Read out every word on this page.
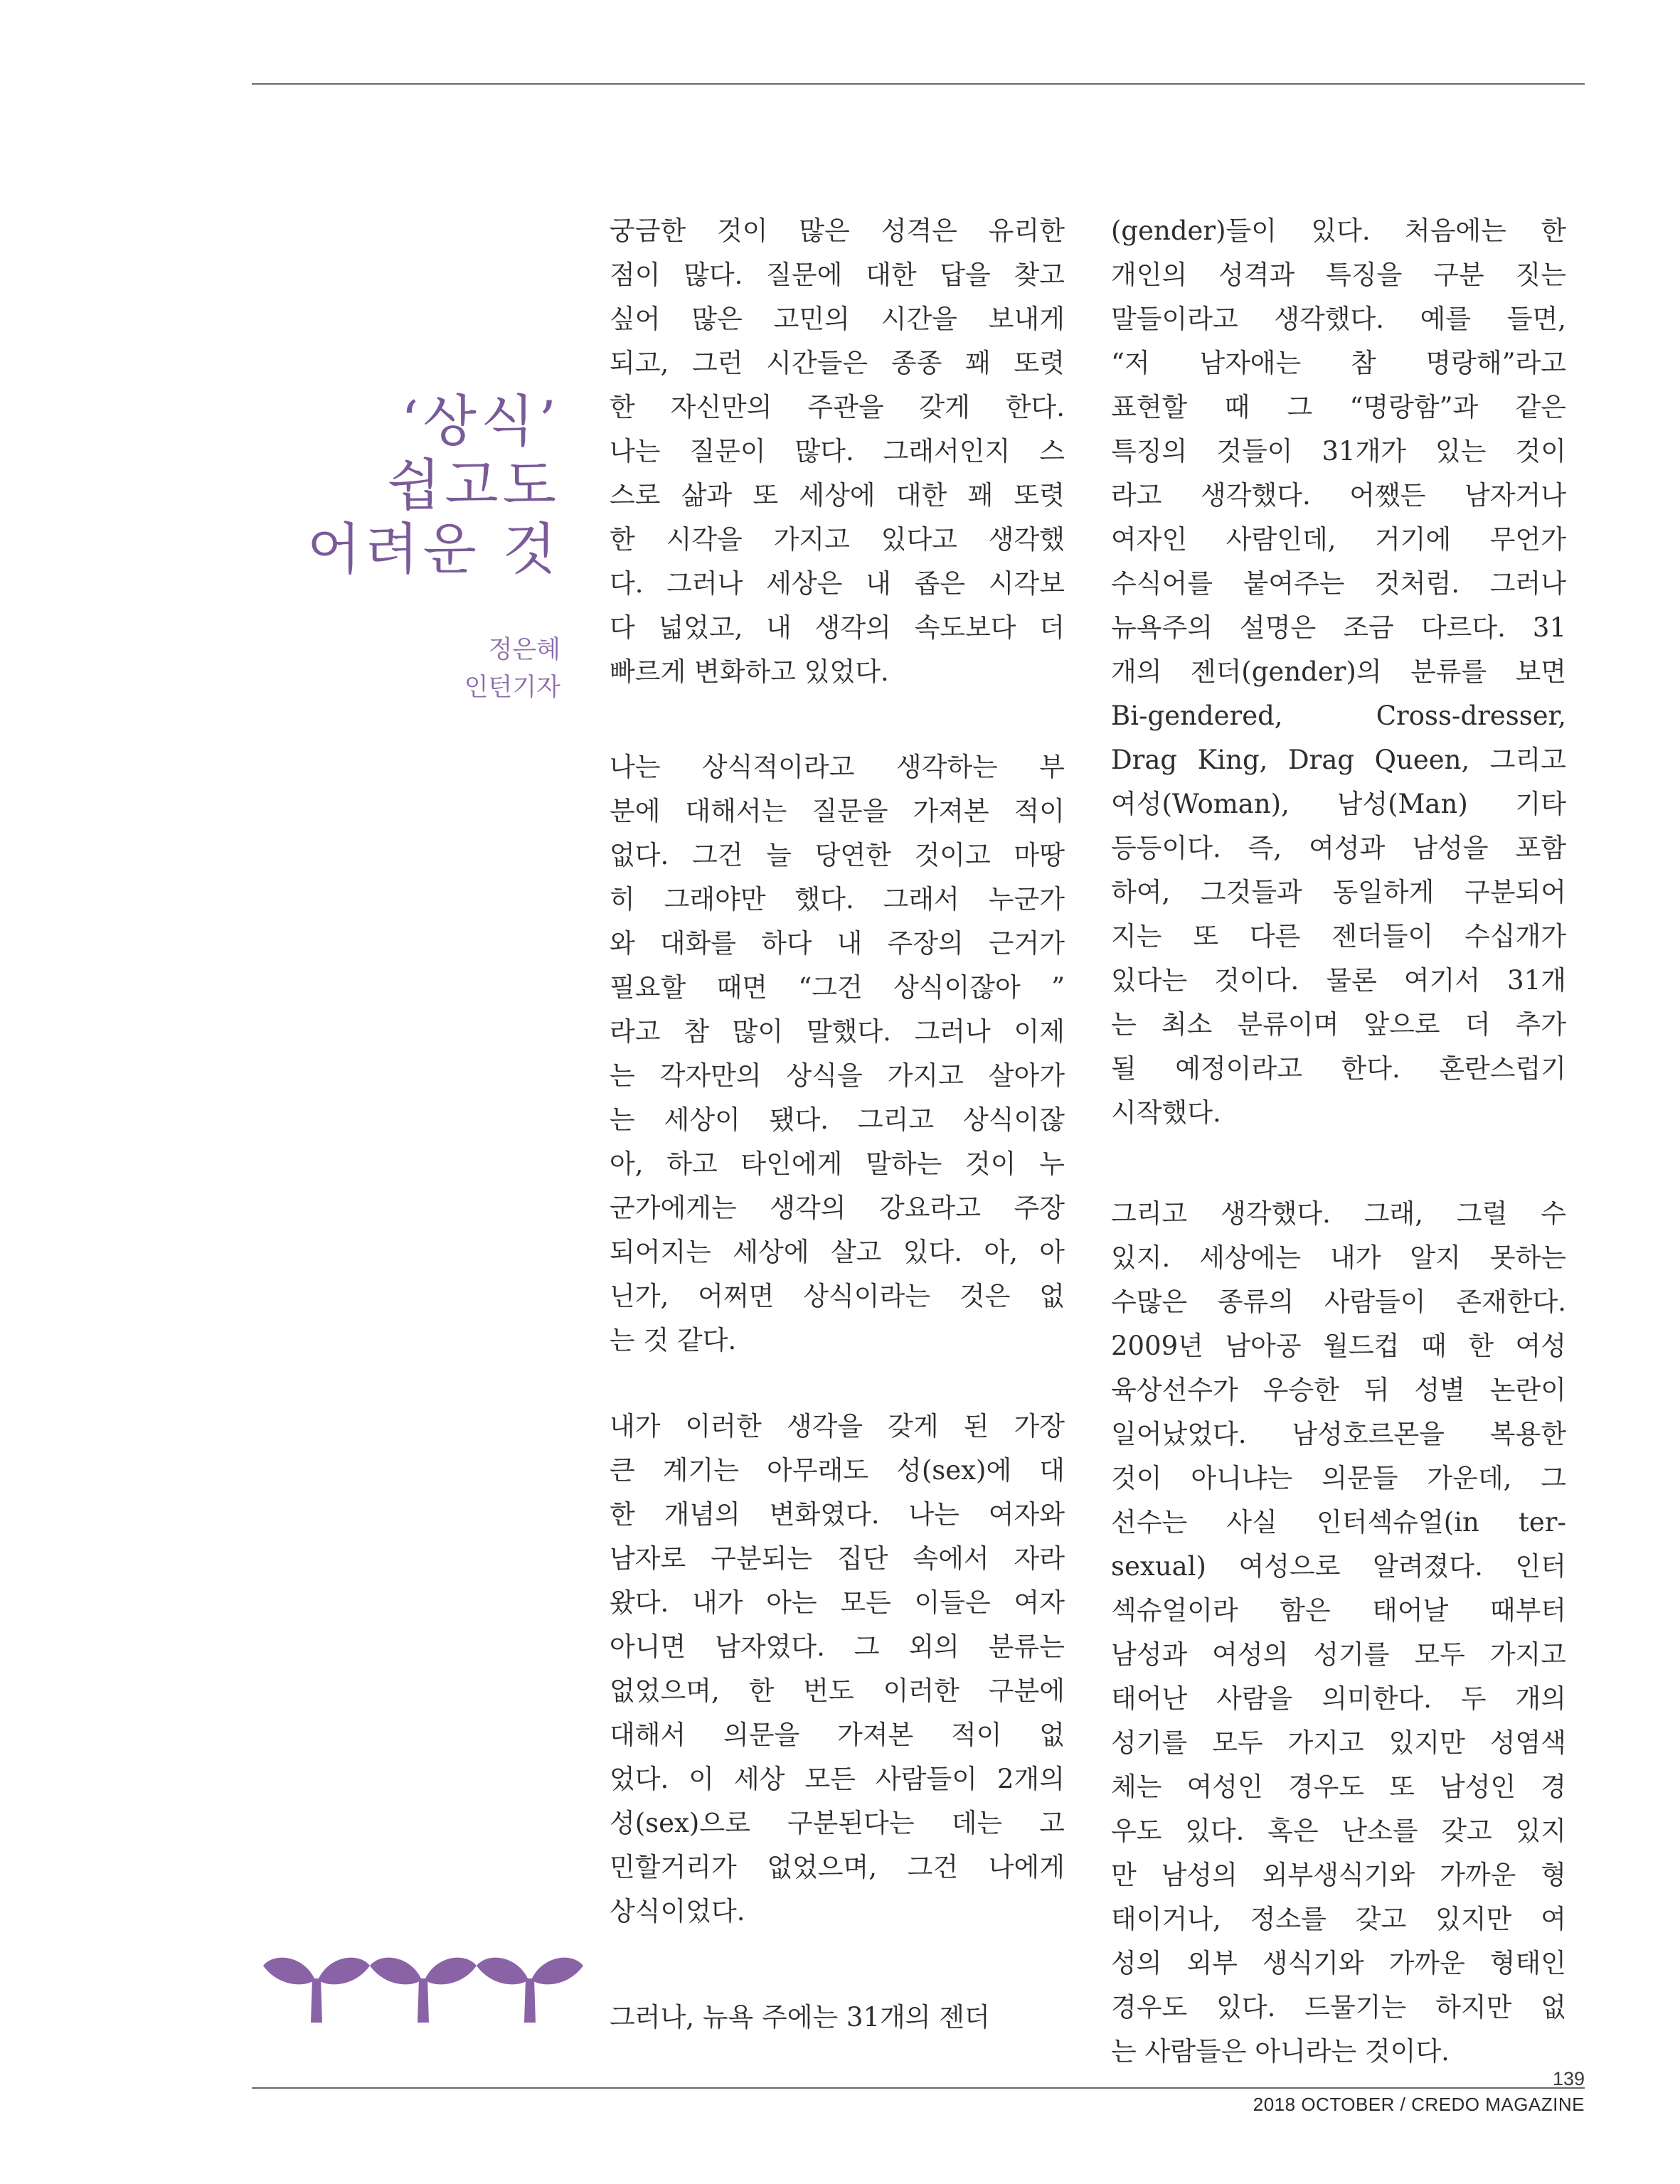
‘상식’
쉽고도
어려운 것
정은혜
인턴기자
궁금한 것이 많은 성격은 유리한
점이 많다. 질문에 대한 답을 찾고
싶어 많은 고민의 시간을 보내게
되고, 그런 시간들은 종종 꽤 또렷
한 자신만의 주관을 갖게 한다.
나는 질문이 많다. 그래서인지 스
스로 삶과 또 세상에 대한 꽤 또렷
한 시각을 가지고 있다고 생각했
다. 그러나 세상은 내 좁은 시각보
다 넓었고, 내 생각의 속도보다 더
빠르게 변화하고 있었다.
나는 상식적이라고 생각하는 부
분에 대해서는 질문을 가져본 적이
없다. 그건 늘 당연한 것이고 마땅
히 그래야만 했다. 그래서 누군가
와 대화를 하다 내 주장의 근거가
필요할 때면 “그건 상식이잖아 ”
라고 참 많이 말했다. 그러나 이제
는 각자만의 상식을 가지고 살아가
는 세상이 됐다. 그리고 상식이잖
아, 하고 타인에게 말하는 것이 누
군가에게는 생각의 강요라고 주장
되어지는 세상에 살고 있다. 아, 아
닌가, 어쩌면 상식이라는 것은 없
는 것 같다.
내가 이러한 생각을 갖게 된 가장
큰 계기는 아무래도 성(sex)에 대
한 개념의 변화였다. 나는 여자와
남자로 구분되는 집단 속에서 자라
왔다. 내가 아는 모든 이들은 여자
아니면 남자였다. 그 외의 분류는
없었으며, 한 번도 이러한 구분에
대해서 의문을 가져본 적이 없
었다. 이 세상 모든 사람들이 2개의
성(sex)으로 구분된다는 데는 고
민할거리가 없었으며, 그건 나에게
상식이었다.
그러나, 뉴욕 주에는 31개의 젠더
(gender)들이 있다. 처음에는 한
개인의 성격과 특징을 구분 짓는
말들이라고 생각했다. 예를 들면,
“저 남자애는 참 명랑해”라고
표현할 때 그 “명랑함”과 같은
특징의 것들이 31개가 있는 것이
라고 생각했다. 어쨌든 남자거나
여자인 사람인데, 거기에 무언가
수식어를 붙여주는 것처럼. 그러나
뉴욕주의 설명은 조금 다르다. 31
개의 젠더(gender)의 분류를 보면
Bi-gendered, Cross-dresser,
Drag King, Drag Queen, 그리고
여성(Woman), 남성(Man) 기타
등등이다. 즉, 여성과 남성을 포함
하여, 그것들과 동일하게 구분되어
지는 또 다른 젠더들이 수십개가
있다는 것이다. 물론 여기서 31개
는 최소 분류이며 앞으로 더 추가
될 예정이라고 한다. 혼란스럽기
시작했다.
그리고 생각했다. 그래, 그럴 수
있지. 세상에는 내가 알지 못하는
수많은 종류의 사람들이 존재한다.
2009년 남아공 월드컵 때 한 여성
육상선수가 우승한 뒤 성별 논란이
일어났었다. 남성호르몬을 복용한
것이 아니냐는 의문들 가운데, 그
선수는 사실 인터섹슈얼(in ter-
sexual) 여성으로 알려졌다. 인터
섹슈얼이라 함은 태어날 때부터
남성과 여성의 성기를 모두 가지고
태어난 사람을 의미한다. 두 개의
성기를 모두 가지고 있지만 성염색
체는 여성인 경우도 또 남성인 경
우도 있다. 혹은 난소를 갖고 있지
만 남성의 외부생식기와 가까운 형
태이거나, 정소를 갖고 있지만 여
성의 외부 생식기와 가까운 형태인
경우도 있다. 드물기는 하지만 없
는 사람들은 아니라는 것이다.
139
2018 OCTOBER / CREDO MAGAZINE
